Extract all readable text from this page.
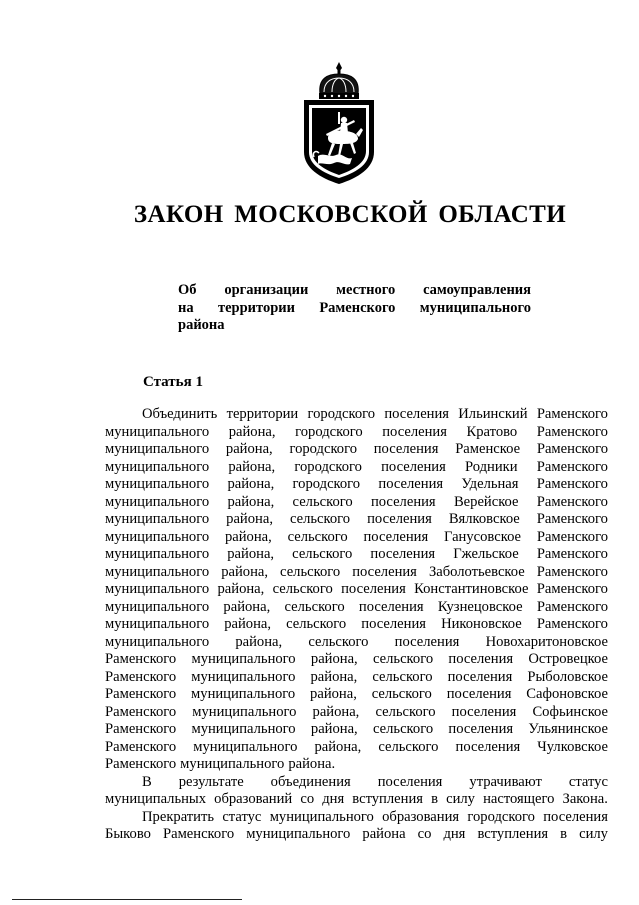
ЗАКОН МОСКОВСКОЙ ОБЛАСТИ
Об организации местного самоуправления
на территории Раменского муниципального
района
Статья 1
Объединить территории городского поселения Ильинский Раменского
муниципального района, городского поселения Кратово Раменского
муниципального района, городского поселения Раменское Раменского
муниципального района, городского поселения Родники Раменского
муниципального района, городского поселения Удельная Раменского
муниципального района, сельского поселения Верейское Раменского
муниципального района, сельского поселения Вялковское Раменского
муниципального района, сельского поселения Ганусовское Раменского
муниципального района, сельского поселения Гжельское Раменского
муниципального района, сельского поселения Заболотьевское Раменского
муниципального района, сельского поселения Константиновское Раменского
муниципального района, сельского поселения Кузнецовское Раменского
муниципального района, сельского поселения Никоновское Раменского
муниципального района, сельского поселения Новохаритоновское
Раменского муниципального района, сельского поселения Островецкое
Раменского муниципального района, сельского поселения Рыболовское
Раменского муниципального района, сельского поселения Сафоновское
Раменского муниципального района, сельского поселения Софьинское
Раменского муниципального района, сельского поселения Ульянинское
Раменского муниципального района, сельского поселения Чулковское
Раменского муниципального района.
В результате объединения поселения утрачивают статус
муниципальных образований со дня вступления в силу настоящего Закона.
Прекратить статус муниципального образования городского поселения
Быково Раменского муниципального района со дня вступления в силу
